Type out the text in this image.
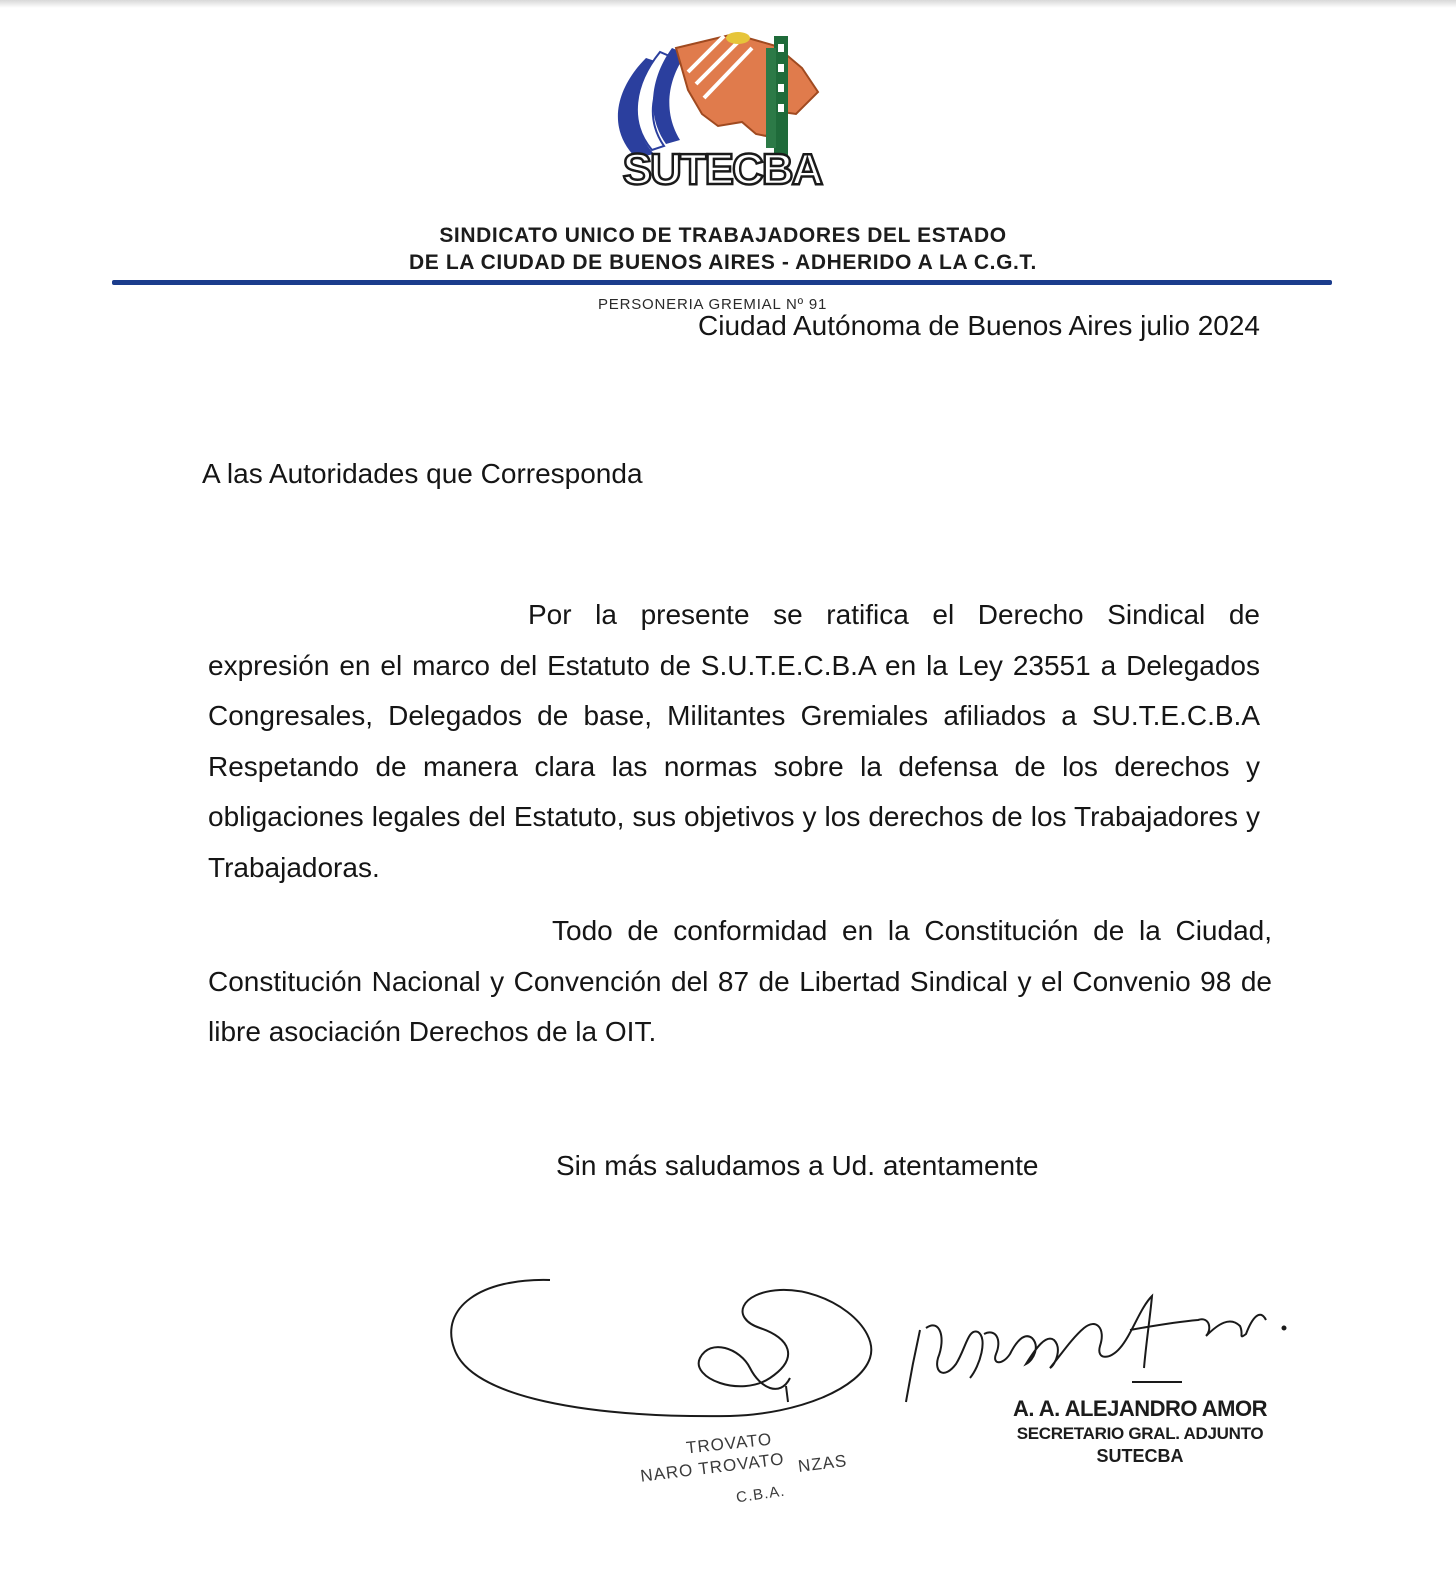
SUTECBA
SINDICATO UNICO DE TRABAJADORES DEL ESTADO
DE LA CIUDAD DE BUENOS AIRES - ADHERIDO A LA C.G.T.
PERSONERIA GREMIAL Nº 91
Ciudad Autónoma de Buenos Aires julio 2024
A las Autoridades que Corresponda
Por la presente se ratifica el Derecho Sindical de expresión en el marco del Estatuto de S.U.T.E.C.B.A en la Ley 23551 a Delegados Congresales, Delegados de base, Militantes Gremiales afiliados a SU.T.E.C.B.A Respetando de manera clara las normas sobre la defensa de los derechos y obligaciones legales del Estatuto, sus objetivos y los derechos de los Trabajadores y Trabajadoras.
Todo de conformidad en la Constitución de la Ciudad, Constitución Nacional y Convención del 87 de Libertad Sindical y el Convenio 98 de libre asociación Derechos de la OIT.
Sin más saludamos a Ud. atentamente
TROVATO
NARO TROVATO NZAS
C.B.A.
A. A. ALEJANDRO AMOR
SECRETARIO GRAL. ADJUNTO
SUTECBA
